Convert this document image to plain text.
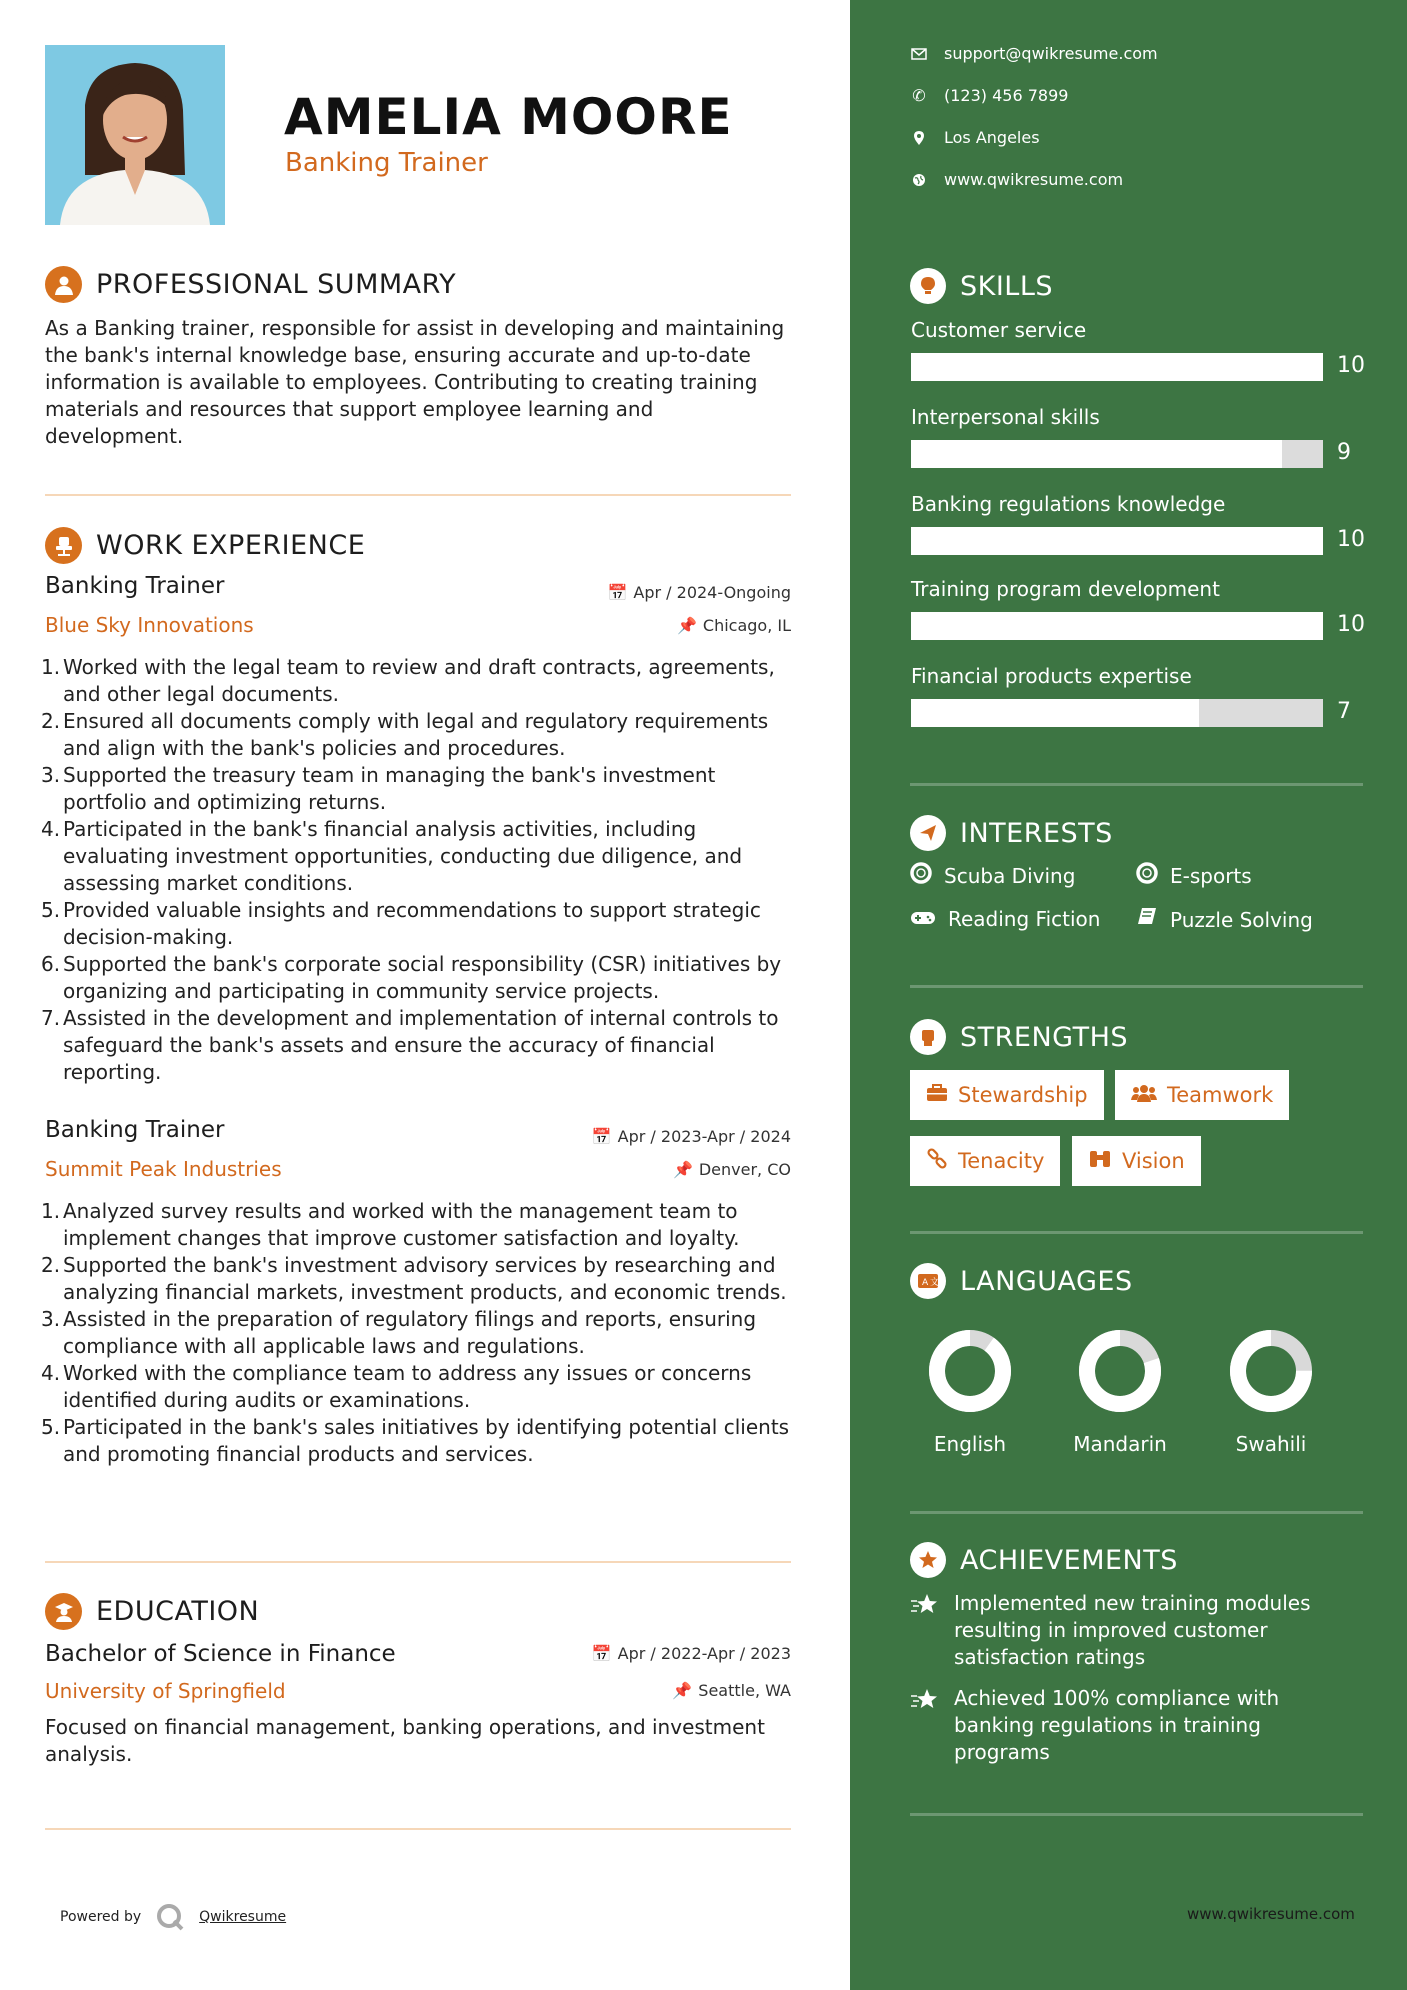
AMELIA MOORE
Banking Trainer
PROFESSIONAL SUMMARY
As a Banking trainer, responsible for assist in developing and maintaining the bank's internal knowledge base, ensuring accurate and up-to-date information is available to employees. Contributing to creating training materials and resources that support employee learning and development.
WORK EXPERIENCE
Banking Trainer	📅 Apr / 2024-Ongoing
Blue Sky Innovations	📌 Chicago, IL
1. Worked with the legal team to review and draft contracts, agreements, and other legal documents.
2. Ensured all documents comply with legal and regulatory requirements and align with the bank's policies and procedures.
3. Supported the treasury team in managing the bank's investment portfolio and optimizing returns.
4. Participated in the bank's financial analysis activities, including evaluating investment opportunities, conducting due diligence, and assessing market conditions.
5. Provided valuable insights and recommendations to support strategic decision-making.
6. Supported the bank's corporate social responsibility (CSR) initiatives by organizing and participating in community service projects.
7. Assisted in the development and implementation of internal controls to safeguard the bank's assets and ensure the accuracy of financial reporting.
Banking Trainer	📅 Apr / 2023-Apr / 2024
Summit Peak Industries	📌 Denver, CO
1. Analyzed survey results and worked with the management team to implement changes that improve customer satisfaction and loyalty.
2. Supported the bank's investment advisory services by researching and analyzing financial markets, investment products, and economic trends.
3. Assisted in the preparation of regulatory filings and reports, ensuring compliance with all applicable laws and regulations.
4. Worked with the compliance team to address any issues or concerns identified during audits or examinations.
5. Participated in the bank's sales initiatives by identifying potential clients and promoting financial products and services.
EDUCATION
Bachelor of Science in Finance	📅 Apr / 2022-Apr / 2023
University of Springfield	📌 Seattle, WA
Focused on financial management, banking operations, and investment analysis.
Powered by	Qwikresume
support@qwikresume.com
✆ (123) 456 7899
Los Angeles
www.qwikresume.com
SKILLS
Customer service
10
Interpersonal skills
9
Banking regulations knowledge
10
Training program development
10
Financial products expertise
7
INTERESTS
Scuba Diving	E-sports
Reading Fiction	Puzzle Solving
STRENGTHS
Stewardship	Teamwork
Tenacity	Vision
A 文 LANGUAGES
English	Mandarin	Swahili
ACHIEVEMENTS
Implemented new training modules resulting in improved customer satisfaction ratings
Achieved 100% compliance with banking regulations in training programs
www.qwikresume.com
